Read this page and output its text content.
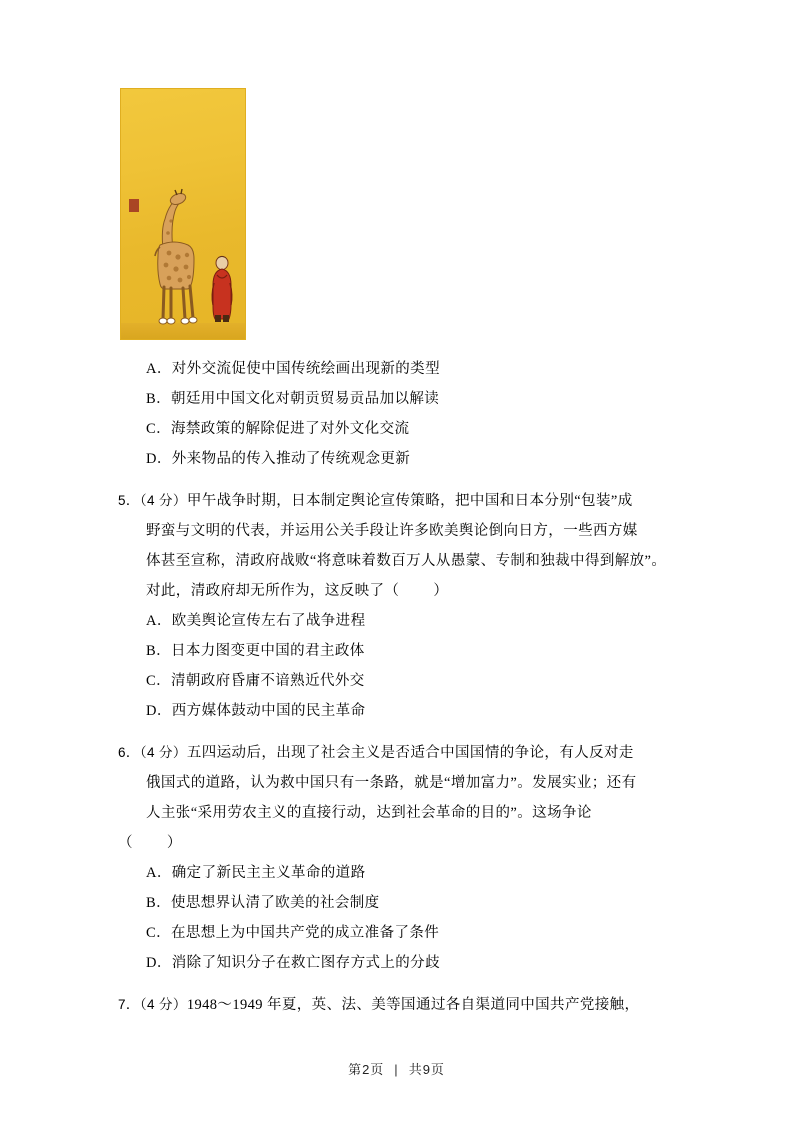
A．对外交流促使中国传统绘画出现新的类型
B．朝廷用中国文化对朝贡贸易贡品加以解读
C．海禁政策的解除促进了对外文化交流
D．外来物品的传入推动了传统观念更新
5．（4 分）甲午战争时期，日本制定舆论宣传策略，把中国和日本分别“包装”成
野蛮与文明的代表，并运用公关手段让许多欧美舆论倒向日方，一些西方媒
体甚至宣称，清政府战败“将意味着数百万人从愚蒙、专制和独裁中得到解放”。
对此，清政府却无所作为，这反映了（ ）
A．欧美舆论宣传左右了战争进程
B．日本力图变更中国的君主政体
C．清朝政府昏庸不谙熟近代外交
D．西方媒体鼓动中国的民主革命
6．（4 分）五四运动后，出现了社会主义是否适合中国国情的争论，有人反对走
俄国式的道路，认为救中国只有一条路，就是“增加富力”。发展实业；还有
人主张“采用劳农主义的直接行动，达到社会革命的目的”。这场争论
（ ）
A．确定了新民主主义革命的道路
B．使思想界认清了欧美的社会制度
C．在思想上为中国共产党的成立准备了条件
D．消除了知识分子在救亡图存方式上的分歧
7．（4 分）1948～1949 年夏，英、法、美等国通过各自渠道同中国共产党接触，
第2页 | 共9页
